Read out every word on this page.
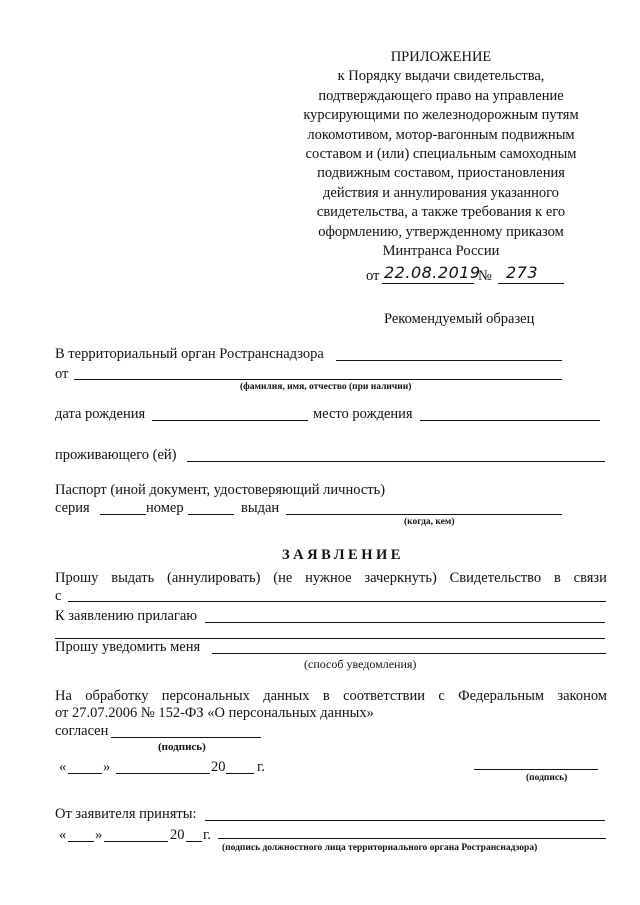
ПРИЛОЖЕНИЕ
к Порядку выдачи свидетельства,
подтверждающего право на управление
курсирующими по железнодорожным путям
локомотивом, мотор-вагонным подвижным
составом и (или) специальным самоходным
подвижным составом, приостановления
действия и аннулирования указанного
свидетельства, а также требования к его
оформлению, утвержденному приказом
Минтранса России
от 22.08.2019
№ 273
Рекомендуемый образец
В территориальный орган Ространснадзора
от
(фамилия, имя, отчество (при наличии)
дата рождения	место рождения
проживающего (ей)
Паспорт (иной документ, удостоверяющий личность)
серия	номер	выдан
(когда, кем)
ЗАЯВЛЕНИЕ
Прошу выдать (аннулировать) (не нужное зачеркнуть) Свидетельство в связи
с
К заявлению прилагаю
Прошу уведомить меня
(способ уведомления)
На обработку персональных данных в соответствии с Федеральным законом
от 27.07.2006 № 152-ФЗ «О персональных данных»
согласен
(подпись)
«	»	20 г.
(подпись)
От заявителя приняты:
« »	20 г.
(подпись должностного лица территориального органа Ространснадзора)
